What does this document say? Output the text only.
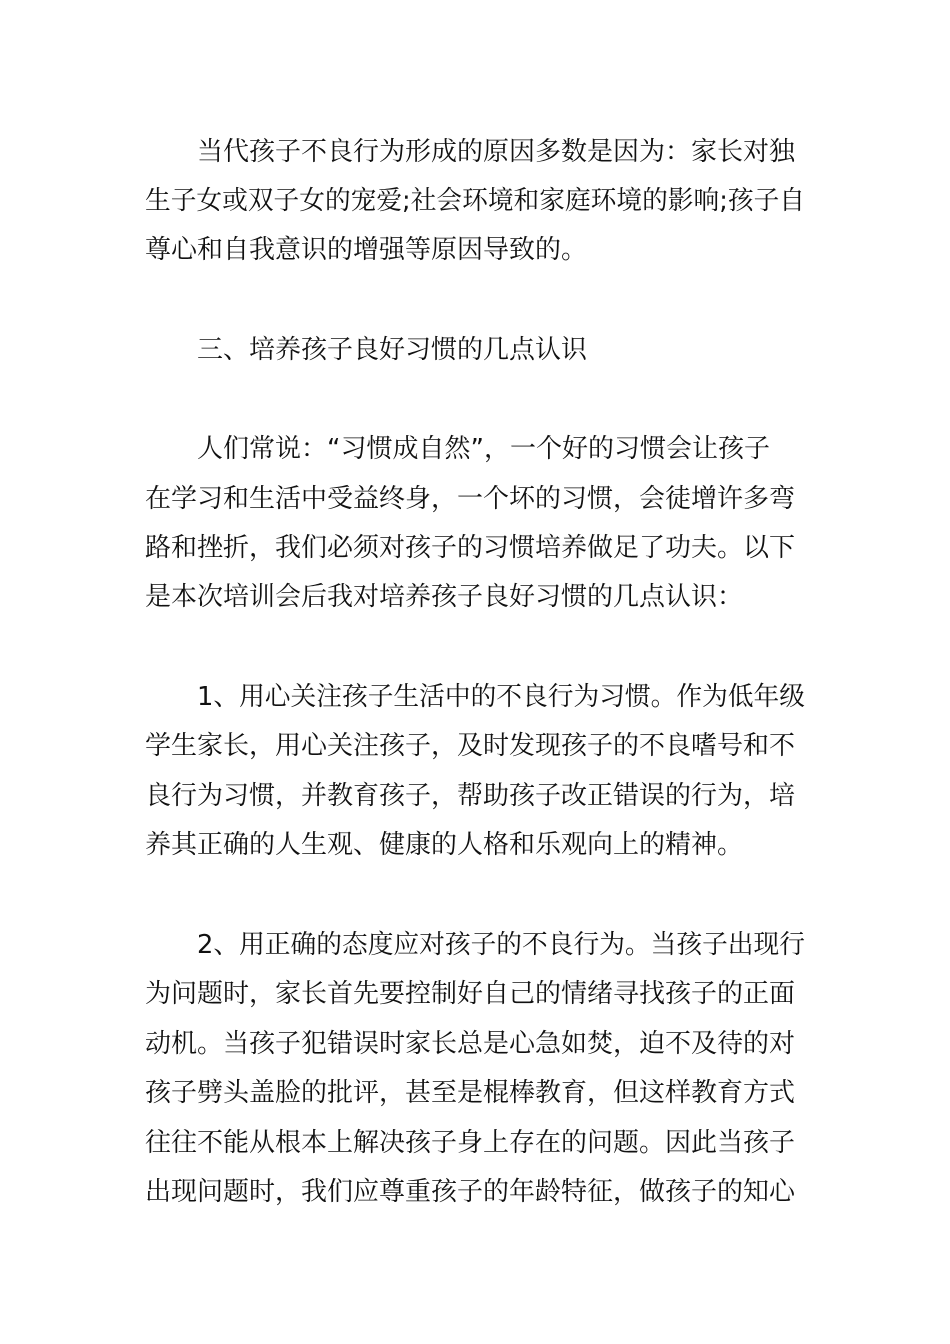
当代孩子不良行为形成的原因多数是因为：家长对独
生子女或双子女的宠爱;社会环境和家庭环境的影响;孩子自
尊心和自我意识的增强等原因导致的。
三、培养孩子良好习惯的几点认识
人们常说：“习惯成自然”，一个好的习惯会让孩子
在学习和生活中受益终身，一个坏的习惯，会徒增许多弯
路和挫折，我们必须对孩子的习惯培养做足了功夫。以下
是本次培训会后我对培养孩子良好习惯的几点认识：
1、用心关注孩子生活中的不良行为习惯。作为低年级
学生家长，用心关注孩子，及时发现孩子的不良嗜号和不
良行为习惯，并教育孩子，帮助孩子改正错误的行为，培
养其正确的人生观、健康的人格和乐观向上的精神。
2、用正确的态度应对孩子的不良行为。当孩子出现行
为问题时，家长首先要控制好自己的情绪寻找孩子的正面
动机。当孩子犯错误时家长总是心急如焚，迫不及待的对
孩子劈头盖脸的批评，甚至是棍棒教育，但这样教育方式
往往不能从根本上解决孩子身上存在的问题。因此当孩子
出现问题时，我们应尊重孩子的年龄特征，做孩子的知心
